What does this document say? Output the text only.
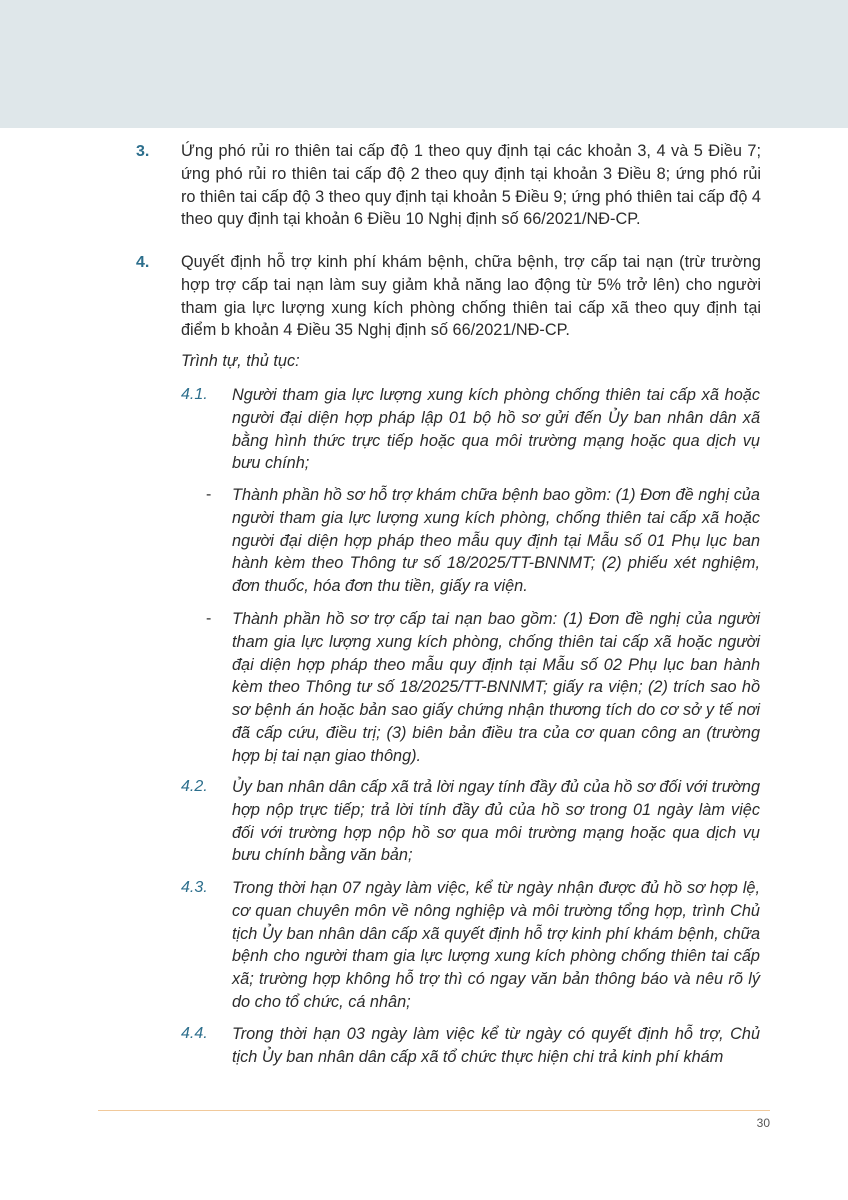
3. Ứng phó rủi ro thiên tai cấp độ 1 theo quy định tại các khoản 3, 4 và 5 Điều 7; ứng phó rủi ro thiên tai cấp độ 2 theo quy định tại khoản 3 Điều 8; ứng phó rủi ro thiên tai cấp độ 3 theo quy định tại khoản 5 Điều 9; ứng phó thiên tai cấp độ 4 theo quy định tại khoản 6 Điều 10 Nghị định số 66/2021/NĐ-CP.
4. Quyết định hỗ trợ kinh phí khám bệnh, chữa bệnh, trợ cấp tai nạn (trừ trường hợp trợ cấp tai nạn làm suy giảm khả năng lao động từ 5% trở lên) cho người tham gia lực lượng xung kích phòng chống thiên tai cấp xã theo quy định tại điểm b khoản 4 Điều 35 Nghị định số 66/2021/NĐ-CP.
Trình tự, thủ tục:
4.1. Người tham gia lực lượng xung kích phòng chống thiên tai cấp xã hoặc người đại diện hợp pháp lập 01 bộ hồ sơ gửi đến Ủy ban nhân dân xã bằng hình thức trực tiếp hoặc qua môi trường mạng hoặc qua dịch vụ bưu chính;
- Thành phần hồ sơ hỗ trợ khám chữa bệnh bao gồm: (1) Đơn đề nghị của người tham gia lực lượng xung kích phòng, chống thiên tai cấp xã hoặc người đại diện hợp pháp theo mẫu quy định tại Mẫu số 01 Phụ lục ban hành kèm theo Thông tư số 18/2025/TT-BNNMT; (2) phiếu xét nghiệm, đơn thuốc, hóa đơn thu tiền, giấy ra viện.
- Thành phần hồ sơ trợ cấp tai nạn bao gồm: (1) Đơn đề nghị của người tham gia lực lượng xung kích phòng, chống thiên tai cấp xã hoặc người đại diện hợp pháp theo mẫu quy định tại Mẫu số 02 Phụ lục ban hành kèm theo Thông tư số 18/2025/TT-BNNMT; giấy ra viện; (2) trích sao hồ sơ bệnh án hoặc bản sao giấy chứng nhận thương tích do cơ sở y tế nơi đã cấp cứu, điều trị; (3) biên bản điều tra của cơ quan công an (trường hợp bị tai nạn giao thông).
4.2. Ủy ban nhân dân cấp xã trả lời ngay tính đầy đủ của hồ sơ đối với trường hợp nộp trực tiếp; trả lời tính đầy đủ của hồ sơ trong 01 ngày làm việc đối với trường hợp nộp hồ sơ qua môi trường mạng hoặc qua dịch vụ bưu chính bằng văn bản;
4.3. Trong thời hạn 07 ngày làm việc, kể từ ngày nhận được đủ hồ sơ hợp lệ, cơ quan chuyên môn về nông nghiệp và môi trường tổng hợp, trình Chủ tịch Ủy ban nhân dân cấp xã quyết định hỗ trợ kinh phí khám bệnh, chữa bệnh cho người tham gia lực lượng xung kích phòng chống thiên tai cấp xã; trường hợp không hỗ trợ thì có ngay văn bản thông báo và nêu rõ lý do cho tổ chức, cá nhân;
4.4. Trong thời hạn 03 ngày làm việc kể từ ngày có quyết định hỗ trợ, Chủ tịch Ủy ban nhân dân cấp xã tổ chức thực hiện chi trả kinh phí khám
30
